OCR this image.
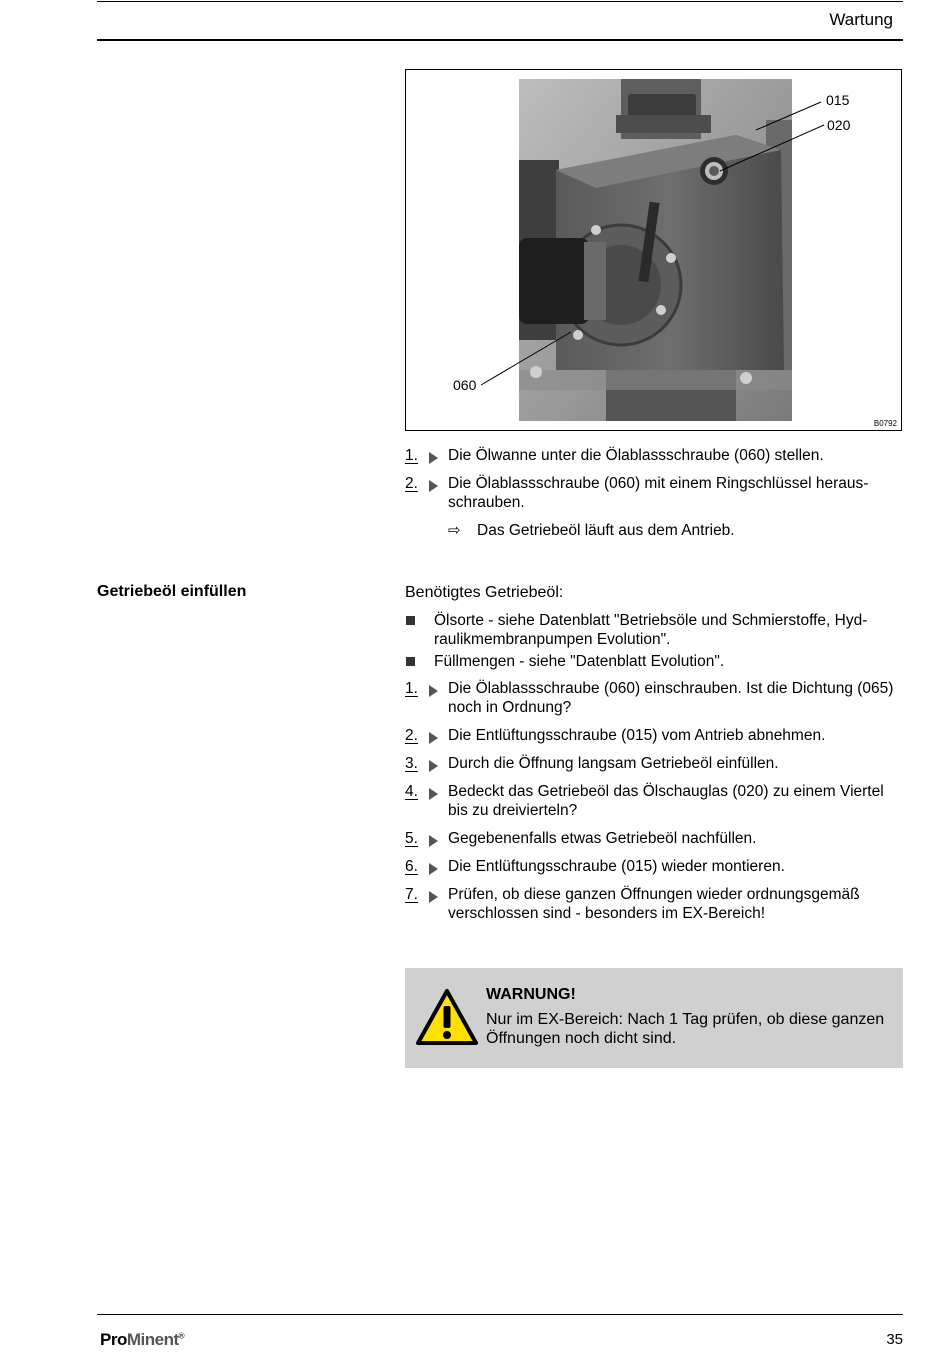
Wartung
015
020
060
B0792
1.	Die Ölwanne unter die Ölablassschraube (060) stellen.
2.	Die Ölablassschraube (060) mit einem Ringschlüssel heraus-schrauben.
⇨ Das Getriebeöl läuft aus dem Antrieb.
Getriebeöl einfüllen	Benötigtes Getriebeöl:
Ölsorte - siehe Datenblatt "Betriebsöle und Schmierstoffe, Hyd-raulikmembranpumpen Evolution".
Füllmengen - siehe "Datenblatt Evolution".
1.	Die Ölablassschraube (060) einschrauben. Ist die Dichtung (065) noch in Ordnung?
2.	Die Entlüftungsschraube (015) vom Antrieb abnehmen.
3.	Durch die Öffnung langsam Getriebeöl einfüllen.
4.	Bedeckt das Getriebeöl das Ölschauglas (020) zu einem Viertel bis zu dreivierteln?
5.	Gegebenenfalls etwas Getriebeöl nachfüllen.
6.	Die Entlüftungsschraube (015) wieder montieren.
7.	Prüfen, ob diese ganzen Öffnungen wieder ordnungsgemäß verschlossen sind - besonders im EX-Bereich!
WARNUNG!
Nur im EX-Bereich: Nach 1 Tag prüfen, ob diese ganzen Öffnungen noch dicht sind.
ProMinent®	35
